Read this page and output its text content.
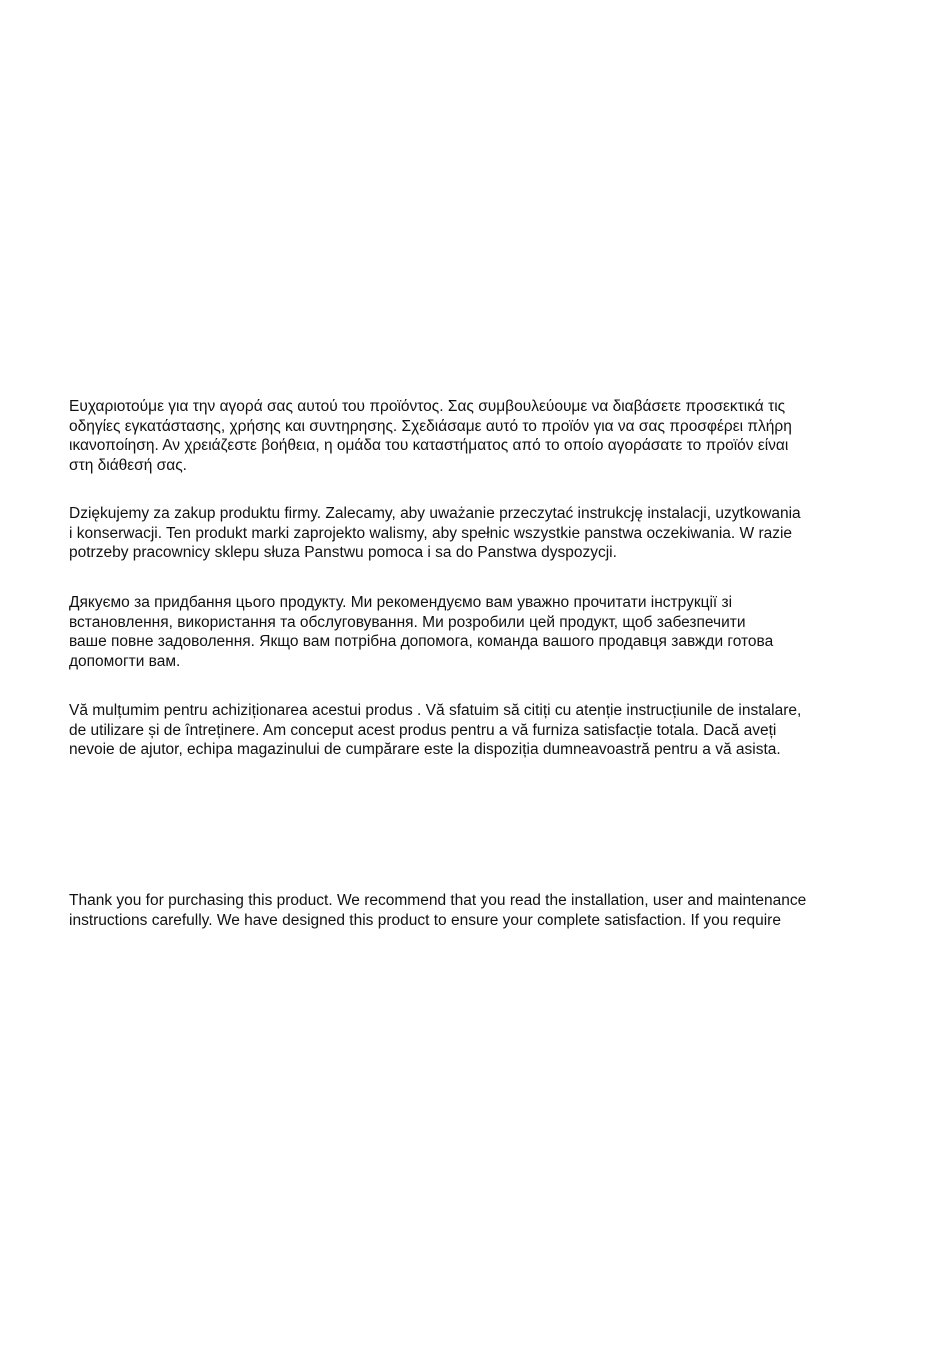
Ευχαριοτούμε για την αγορά σας αυτού του προϊόντος. Σας συμβουλεύουμε να διαβάσετε προσεκτικά τις
οδηγίες εγκατάστασης, χρήσης και συντηρησης. Σχεδιάσαμε αυτό το προϊόν για να σας προσφέρει πλήρη
ικανοποίηση. Αν χρειάζεστε βοήθεια, η ομάδα του καταστήματος από το οποίο αγοράσατε το προϊόν είναι
στη διάθεσή σας.
Dziękujemy za zakup produktu firmy. Zalecamy, aby uważanie przeczytać instrukcję instalacji, uzytkowania
i konserwacji. Ten produkt marki zaprojekto walismy, aby spełnic wszystkie panstwa oczekiwania. W razie
potrzeby pracownicy sklepu słuza Panstwu pomoca i sa do Panstwa dyspozycji.
Дякуємо за придбання цього продукту. Ми рекомендуємо вам уважно прочитати інструкції зі
встановлення, використання та обслуговування. Ми розробили цей продукт, щоб забезпечити
ваше повне задоволення. Якщо вам потрібна допомога, команда вашого продавця завжди готова
допомогти вам.
Vă mulțumim pentru achiziționarea acestui produs . Vă sfatuim să citiți cu atenție instrucțiunile de instalare,
de utilizare și de întreținere. Am conceput acest produs pentru a vă furniza satisfacție totala. Dacă aveți
nevoie de ajutor, echipa magazinului de cumpărare este la dispoziția dumneavoastră pentru a vă asista.
Thank you for purchasing this product. We recommend that you read the installation, user and maintenance
instructions carefully. We have designed this product to ensure your complete satisfaction. If you require
